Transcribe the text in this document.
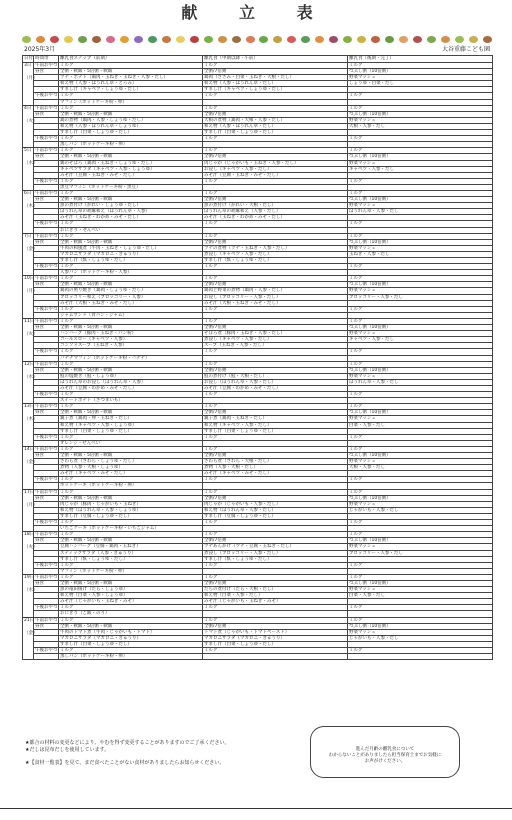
献 立 表
2025年3月	大谷重藤こども園
日付	時間帯	離乳食ステップ（前期）	離乳食（中期以降・午前）	離乳食（後期・完了）
3日
（月）	午前おやつ	ミルク	ミルク	ミルク
	昼食	全粥・軟飯・5倍粥・軟飯	全粥/7倍粥	つぶし粥（10倍粥）
		ツナ・ポテト（鶏肉・玉ねぎ・玉ねぎ・人参・だし）	鶏肉（ささみ・白菜・玉ねぎ・大根・だし）	野菜マッシュ
		和え物（人参・ほうれん草・とろみ）	和え物（人参・ほうれん草・だし）	しょうゆ・白菜・だし
		すまし汁（キャベツ・しょうゆ・だし）	すまし汁（キャベツ・しょうゆ・だし）	
	午後おやつ	ミルク	ミルク	ミルク
		マフィン（ホットケーキ粉・卵）		
4日
（火）	午前おやつ	ミルク	ミルク	ミルク
	昼食	全粥・軟飯・5倍粥・軟飯	全粥/7倍粥	つぶし粥（10倍粥）
		鶏の煮物（鶏肉・人参・しょうゆ・だし）	大根の煮物（鶏肉・大根・人参・だし）	野菜マッシュ
		和え物（人参・ほうれん草・しょうゆ）	和え物（人参・ほうれん草・だし）	大根・人参・だし
		すまし汁（白菜・しょうゆ・だし）	すまし汁（白菜・しょうゆ・だし）	
	午後おやつ	ミルク	ミルク	ミルク
		蒸しパン（ホットケーキ粉・卵）		
5日
（水）	午前おやつ	ミルク	ミルク	ミルク
	昼食	全粥・軟飯・5倍粥・軟飯	全粥/7倍粥	つぶし粥（10倍粥）
		鶏のそぼろ（鶏肉・玉ねぎ・しょうゆ・だし）	肉じゃが（じゃがいも・玉ねぎ・人参・だし）	野菜マッシュ
		キャベツサラダ（キャベツ・人参・しょうゆ）	お浸し（キャベツ・人参・だし）	キャベツ・人参・だし
		みそ汁（豆腐・玉ねぎ・みそ・だし）	みそ汁（豆腐・玉ねぎ・みそ・だし）	
	午後おやつ	ミルク	ミルク	ミルク
		黒豆マフィン（ホットケーキ粉・黒豆）		
6日
（木）	午前おやつ	ミルク	ミルク	ミルク
	昼食	全粥・軟飯・5倍粥・軟飯	全粥/7倍粥	つぶし粥（10倍粥）
		魚の煮付け（かれい・しょうゆ・だし）	魚の煮付け（かれい・大根・だし）	野菜マッシュ
		ほうれん草の胡麻和え（ほうれん草・人参）	ほうれん草の胡麻和え（人参・だし）	ほうれん草・人参・だし
		みそ汁（玉ねぎ・わかめ・みそ・だし）	みそ汁（玉ねぎ・わかめ・みそ・だし）	
	午後おやつ	ミルク	ミルク	ミルク
		おにぎり・せんべい		
7日
（金）	午前おやつ	ミルク	ミルク	ミルク
	昼食	全粥・軟飯・5倍粥・軟飯	全粥/7倍粥	つぶし粥（10倍粥）
		牛肉の和風煮（牛肉・玉ねぎ・しょうゆ・だし）	ツナの煮物（ツナ・玉ねぎ・人参・だし）	野菜マッシュ
		マカロニサラダ（マカロニ・きゅうり）	煮浸し（キャベツ・人参・だし）	玉ねぎ・人参・だし
		すまし汁（麩・しょうゆ・だし）	すまし汁（麩・しょうゆ・だし）	
	午後おやつ	ミルク	ミルク	ミルク
		人参パン（ホットケーキ粉・人参）		
10日
（月）	午前おやつ	ミルク	ミルク	ミルク
	昼食	全粥・軟飯・5倍粥・軟飯	全粥/7倍粥	つぶし粥（10倍粥）
		鶏肉の照り焼き（鶏肉・しょうゆ・だし）	鶏肉と野菜の煮物（鶏肉・人参・だし）	野菜マッシュ
		ブロッコリー和え（ブロッコリー・人参）	お浸し（ブロッコリー・人参・だし）	ブロッコリー・人参・だし
		みそ汁（大根・玉ねぎ・みそ・だし）	みそ汁（大根・玉ねぎ・みそ・だし）	
	午後おやつ	ミルク	ミルク	ミルク
		ジャムサンド（食パン・ジャム）		
11日
（火）	午前おやつ	ミルク	ミルク	ミルク
	昼食	全粥・軟飯・5倍粥・軟飯	全粥/7倍粥	つぶし粥（10倍粥）
		ハンバーグ（豚肉・玉ねぎ・パン粉）	そぼろ煮（豚肉・玉ねぎ・人参・だし）	野菜マッシュ
		コールスロー（キャベツ・人参）	煮浸し（キャベツ・人参・だし）	キャベツ・人参・だし
		コンソメスープ（玉ねぎ・人参）	スープ（玉ねぎ・人参・だし）	
	午後おやつ	ミルク	ミルク	ミルク
		バナナマフィン（ホットケーキ粉・バナナ）		
12日
（水）	午前おやつ	ミルク	ミルク	ミルク
	昼食	全粥・軟飯・5倍粥・軟飯	全粥/7倍粥	つぶし粥（10倍粥）
		鮭の塩焼き（鮭・しょうゆ）	鮭の煮付け（鮭・大根・だし）	野菜マッシュ
		ほうれん草のお浸し（ほうれん草・人参）	お浸し（ほうれん草・人参・だし）	ほうれん草・人参・だし
		みそ汁（豆腐・わかめ・みそ・だし）	みそ汁（豆腐・わかめ・みそ・だし）	
	午後おやつ	ミルク	ミルク	ミルク
		スイートポテト（さつまいも）		
13日
（木）	午前おやつ	ミルク	ミルク	ミルク
	昼食	全粥・軟飯・5倍粥・軟飯	全粥/7倍粥	つぶし粥（10倍粥）
		親子煮（鶏肉・卵・玉ねぎ・だし）	親子煮（鶏肉・玉ねぎ・だし）	野菜マッシュ
		和え物（キャベツ・人参・しょうゆ）	和え物（キャベツ・人参・だし）	白菜・人参・だし
		すまし汁（白菜・しょうゆ・だし）	すまし汁（白菜・しょうゆ・だし）	
	午後おやつ	ミルク	ミルク	ミルク
		オレンジ・せんべい		
14日
（金）	午前おやつ	ミルク	ミルク	ミルク
	昼食	全粥・軟飯・5倍粥・軟飯	全粥/7倍粥	つぶし粥（10倍粥）
		さわら煮（さわら・しょうゆ・だし）	さわら煮（さわら・大根・だし）	野菜マッシュ
		煮物（人参・大根・しょうゆ）	煮物（人参・大根・だし）	大根・人参・だし
		みそ汁（キャベツ・みそ・だし）	みそ汁（キャベツ・みそ・だし）	
	午後おやつ	ミルク	ミルク	ミルク
		ホットケーキ（ホットケーキ粉・卵）		
17日
（月）	午前おやつ	ミルク	ミルク	ミルク
	昼食	全粥・軟飯・5倍粥・軟飯	全粥/7倍粥	つぶし粥（10倍粥）
		肉じゃが（豚肉・じゃがいも・玉ねぎ）	肉じゃが（じゃがいも・人参・だし）	野菜マッシュ
		和え物（ほうれん草・人参・しょうゆ）	和え物（ほうれん草・人参・だし）	じゃがいも・人参・だし
		すまし汁（豆腐・しょうゆ・だし）	すまし汁（豆腐・しょうゆ・だし）	
	午後おやつ	ミルク	ミルク	ミルク
		いちごケーキ（ホットケーキ粉・いちごジャム）		
18日
（火）	午前おやつ	ミルク	ミルク	ミルク
	昼食	全粥・軟飯・5倍粥・軟飯	全粥/7倍粥	つぶし粥（10倍粥）
		豆腐ハンバーグ（豆腐・鶏肉・玉ねぎ）	ツナあんかけ（ツナ・豆腐・玉ねぎ・だし）	野菜マッシュ
		スティックサラダ（人参・きゅうり）	煮浸し（ブロッコリー・人参・だし）	ブロッコリー・人参・だし
		すまし汁（麩・しょうゆ・だし）	すまし汁（麩・しょうゆ・だし）	
	午後おやつ	ミルク	ミルク	ミルク
		マフィン（ホットケーキ粉・卵）		
19日
（水）	午前おやつ	ミルク	ミルク	ミルク
	昼食	全粥・軟飯・5倍粥・軟飯	全粥/7倍粥	つぶし粥（10倍粥）
		魚の竜田揚げ（たら・しょうゆ）	たらの煮付け（たら・大根・だし）	野菜マッシュ
		和え物（白菜・人参・しょうゆ）	和え物（白菜・人参・だし）	白菜・人参・だし
		みそ汁（じゃがいも・玉ねぎ・みそ）	みそ汁（じゃがいも・玉ねぎ・みそ）	
	午後おやつ	ミルク	ミルク	ミルク
		おにぎり（ご飯・のり）		
21日
（金）	午前おやつ	ミルク	ミルク	ミルク
	昼食	全粥・軟飯・5倍粥・軟飯	全粥/7倍粥	つぶし粥（10倍粥）
		牛肉のトマト煮（牛肉・じゃがいも・トマト）	トマト煮（じゃがいも・トマトペースト）	野菜マッシュ
		マカロニサラダ（マカロニ・きゅうり）	マカロニサラダ（マカロニ・きゅうり）	じゃがいも・人参・だし
		すまし汁（白菜・しょうゆ・だし）	すまし汁（白菜・しょうゆ・だし）	
	午後おやつ	ミルク	ミルク	ミルク
		蒸しパン（ホットケーキ粉・卵）		
★都合の材料の変更などにより、やむを得ず変更することがありますのでご了承ください。
★だしは昆布だしを使用しています。
★【食材一覧表】を見て、まだ食べたことがない食材がありましたらお知らせください。
進んだ月齢の離乳食について
わからないことがありましたら担当保育士までお気軽に
お声がけください。
